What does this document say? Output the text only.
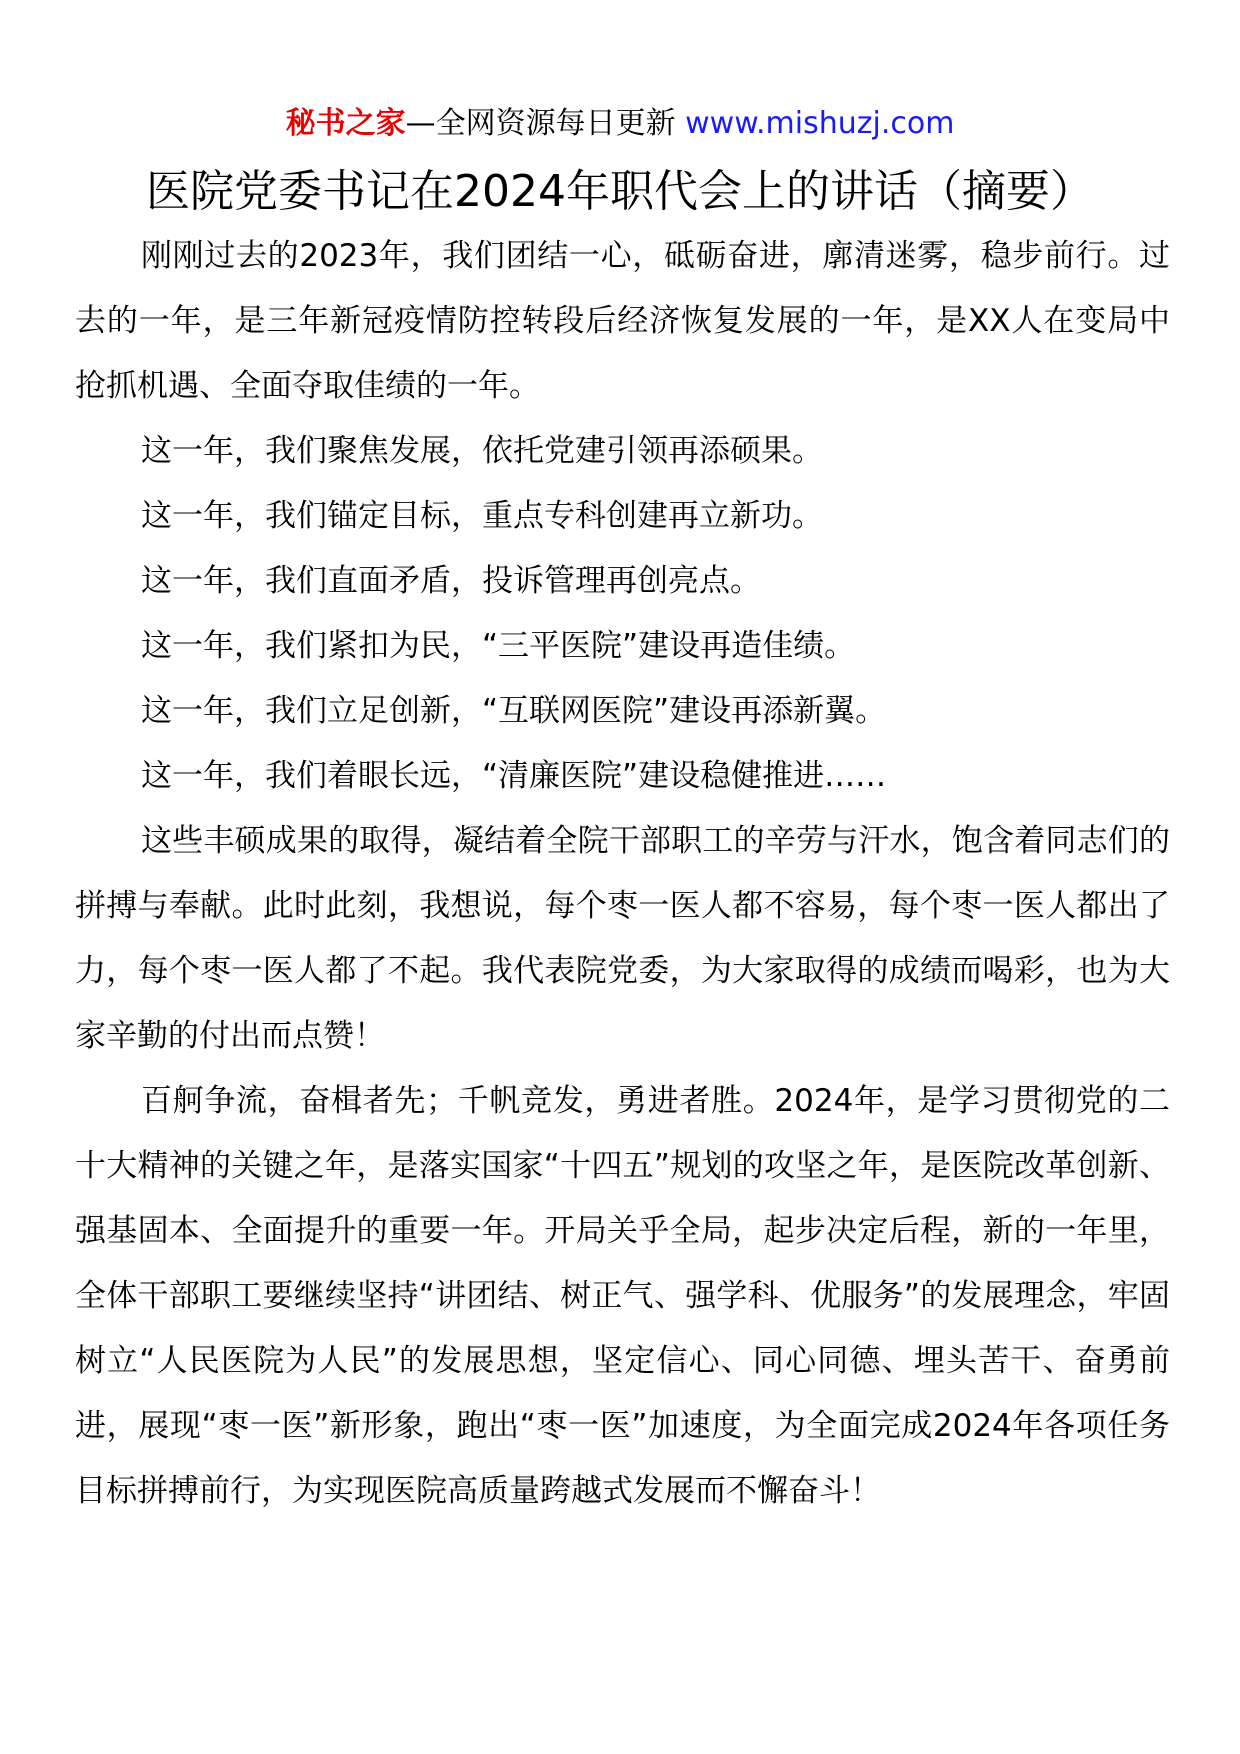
秘书之家—全网资源每日更新 www.mishuzj.com
医院党委书记在2024年职代会上的讲话（摘要）

刚刚过去的2023年，我们团结一心，砥砺奋进，廓清迷雾，稳步前行。过去的一年，是三年新冠疫情防控转段后经济恢复发展的一年，是XX人在变局中抢抓机遇、全面夺取佳绩的一年。

这一年，我们聚焦发展，依托党建引领再添硕果。

这一年，我们锚定目标，重点专科创建再立新功。

这一年，我们直面矛盾，投诉管理再创亮点。

这一年，我们紧扣为民，“三平医院”建设再造佳绩。

这一年，我们立足创新，“互联网医院”建设再添新翼。

这一年，我们着眼长远，“清廉医院”建设稳健推进……

这些丰硕成果的取得，凝结着全院干部职工的辛劳与汗水，饱含着同志们的拼搏与奉献。此时此刻，我想说，每个枣一医人都不容易，每个枣一医人都出了力，每个枣一医人都了不起。我代表院党委，为大家取得的成绩而喝彩，也为大家辛勤的付出而点赞！

百舸争流，奋楫者先；千帆竞发，勇进者胜。2024年，是学习贯彻党的二十大精神的关键之年，是落实国家“十四五”规划的攻坚之年，是医院改革创新、强基固本、全面提升的重要一年。开局关乎全局，起步决定后程，新的一年里，全体干部职工要继续坚持“讲团结、树正气、强学科、优服务”的发展理念，牢固树立“人民医院为人民”的发展思想，坚定信心、同心同德、埋头苦干、奋勇前进，展现“枣一医”新形象，跑出“枣一医”加速度，为全面完成2024年各项任务目标拼搏前行，为实现医院高质量跨越式发展而不懈奋斗！
